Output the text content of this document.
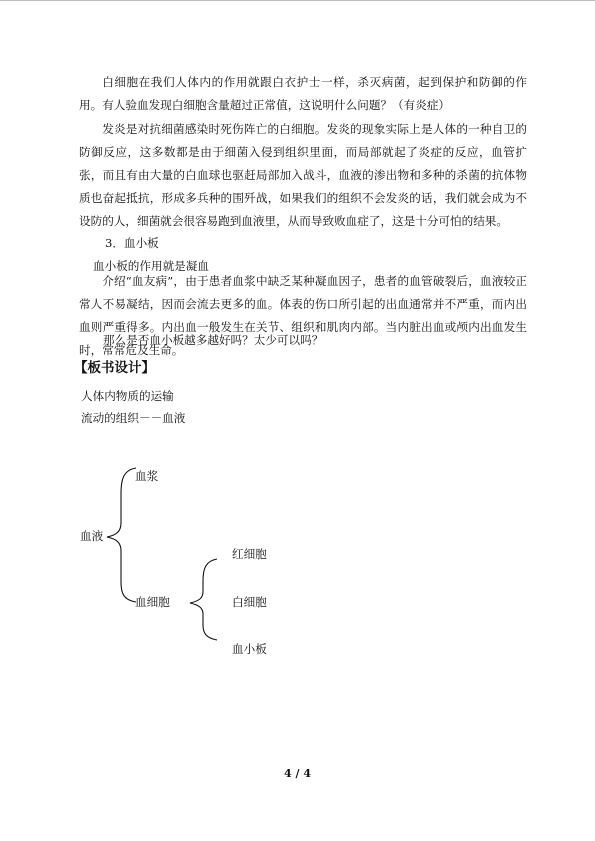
白细胞在我们人体内的作用就跟白衣护士一样，杀灭病菌，起到保护和防御的作用。有人验血发现白细胞含量超过正常值，这说明什么问题？（有炎症）

发炎是对抗细菌感染时死伤阵亡的白细胞。发炎的现象实际上是人体的一种自卫的防御反应，这多数都是由于细菌入侵到组织里面，而局部就起了炎症的反应，血管扩张，而且有由大量的白血球也驱赶局部加入战斗，血液的渗出物和多种的杀菌的抗体物质也奋起抵抗，形成多兵种的围歼战，如果我们的组织不会发炎的话，我们就会成为不设防的人，细菌就会很容易跑到血液里，从而导致败血症了，这是十分可怕的结果。

3．血小板

血小板的作用就是凝血

介绍“血友病”，由于患者血浆中缺乏某种凝血因子，患者的血管破裂后，血液较正常人不易凝结，因而会流去更多的血。体表的伤口所引起的出血通常并不严重，而内出血则严重得多。内出血一般发生在关节、组织和肌肉内部。当内脏出血或颅内出血发生时，常常危及生命。

那么是否血小板越多越好吗？太少可以吗？

【板书设计】

人体内物质的运输

流动的组织－－血液

血浆
血液
红细胞
血细胞	白细胞
血小板
4 / 4
